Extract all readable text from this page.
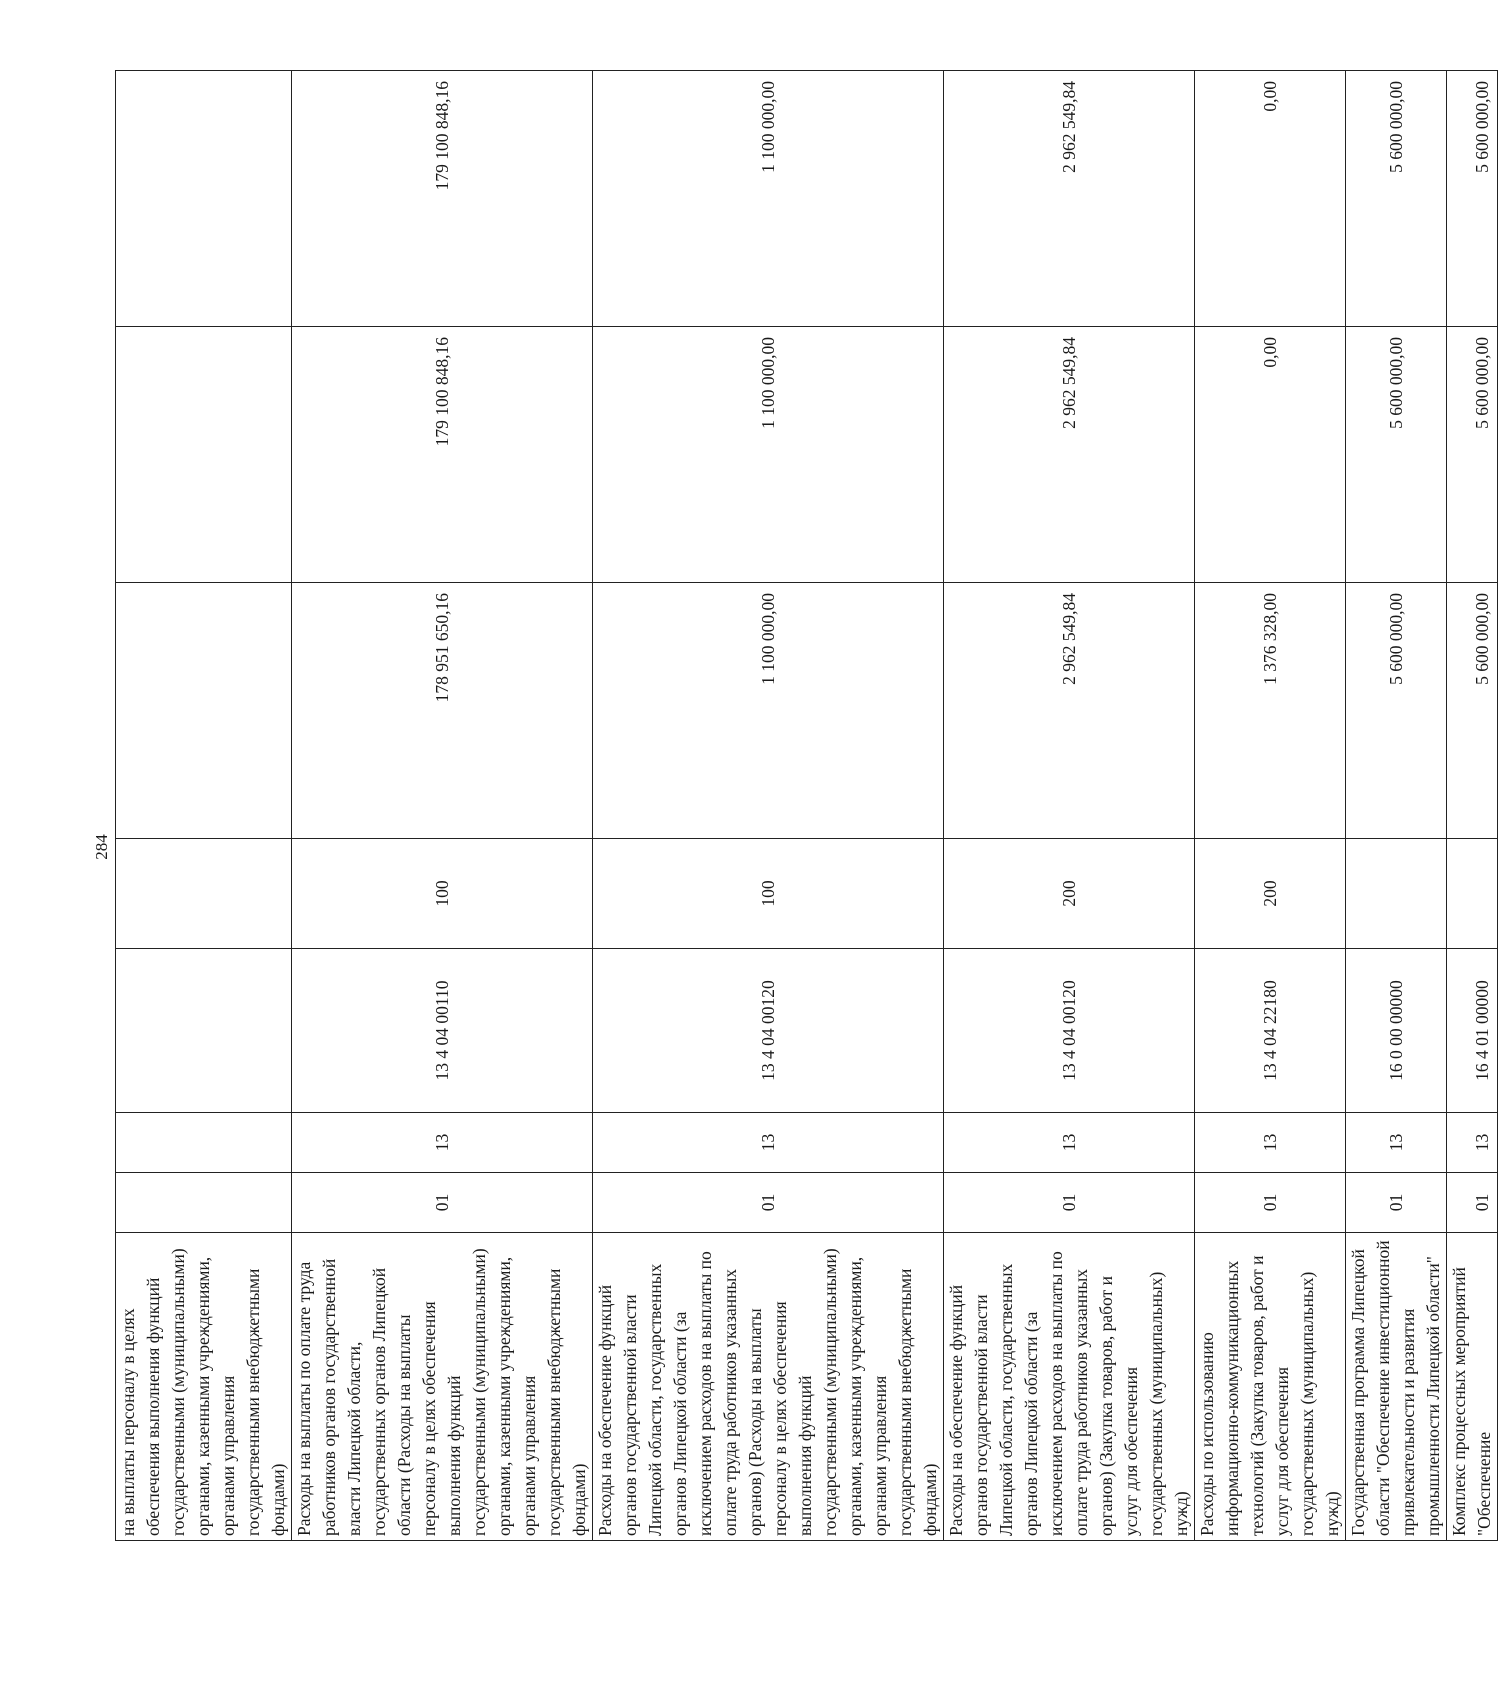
284
на выплаты персоналу в целях обеспечения выполнения функций государственными (муниципальными) органами, казенными учреждениями, органами управления государственными внебюджетными фондами)							
Расходы на выплаты по оплате труда работников органов государственной власти Липецкой области, государственных органов Липецкой области (Расходы на выплаты персоналу в целях обеспечения выполнения функций государственными (муниципальными) органами, казенными учреждениями, органами управления государственными внебюджетными фондами)	01	13	13 4 04 00110	100	178 951 650,16	179 100 848,16	179 100 848,16
Расходы на обеспечение функций органов государственной власти Липецкой области, государственных органов Липецкой области (за исключением расходов на выплаты по оплате труда работников указанных органов) (Расходы на выплаты персоналу в целях обеспечения выполнения функций государственными (муниципальными) органами, казенными учреждениями, органами управления государственными внебюджетными фондами)	01	13	13 4 04 00120	100	1 100 000,00	1 100 000,00	1 100 000,00
Расходы на обеспечение функций органов государственной власти Липецкой области, государственных органов Липецкой области (за исключением расходов на выплаты по оплате труда работников указанных органов) (Закупка товаров, работ и услуг для обеспечения государственных (муниципальных) нужд)	01	13	13 4 04 00120	200	2 962 549,84	2 962 549,84	2 962 549,84
Расходы по использованию информационно-коммуникационных технологий (Закупка товаров, работ и услуг для обеспечения государственных (муниципальных) нужд)	01	13	13 4 04 22180	200	1 376 328,00	0,00	0,00
Государственная программа Липецкой области "Обеспечение инвестиционной привлекательности и развития промышленности Липецкой области"	01	13	16 0 00 00000		5 600 000,00	5 600 000,00	5 600 000,00
Комплекс процессных мероприятий "Обеспечение	01	13	16 4 01 00000		5 600 000,00	5 600 000,00	5 600 000,00
